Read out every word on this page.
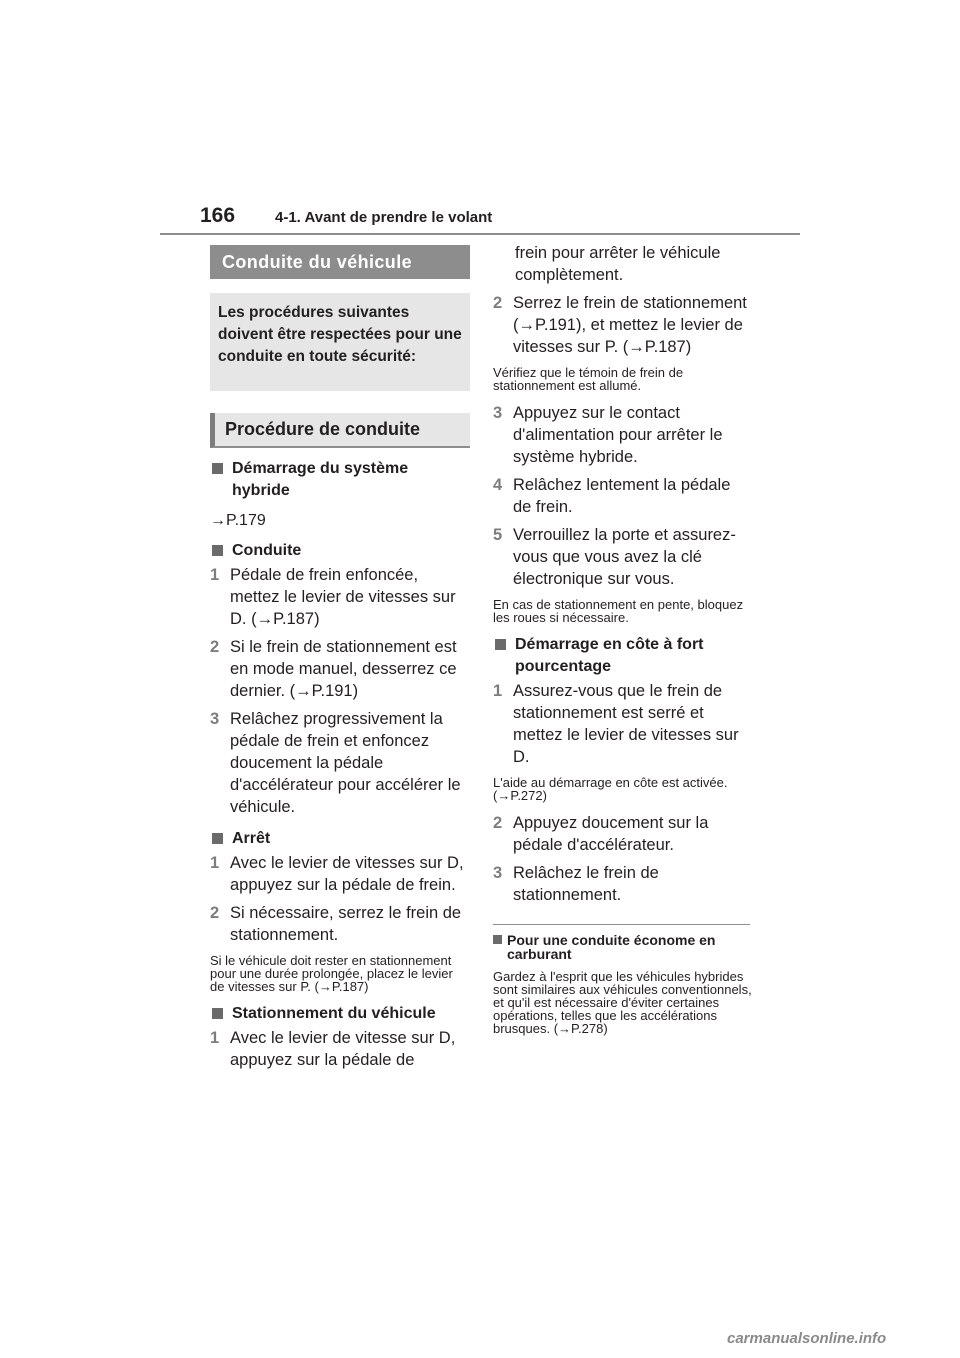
166	4-1. Avant de prendre le volant
Conduite du véhicule
Les procédures suivantes doivent être respectées pour une conduite en toute sécurité:
Procédure de conduite
Démarrage du système hybride
→P.179
Conduite
1 Pédale de frein enfoncée, mettez le levier de vitesses sur D. (→P.187)
2 Si le frein de stationnement est en mode manuel, desserrez ce dernier. (→P.191)
3 Relâchez progressivement la pédale de frein et enfoncez doucement la pédale d'accélérateur pour accélérer le véhicule.
Arrêt
1 Avec le levier de vitesses sur D, appuyez sur la pédale de frein.
2 Si nécessaire, serrez le frein de stationnement.
Si le véhicule doit rester en stationnement pour une durée prolongée, placez le levier de vitesses sur P. (→P.187)
Stationnement du véhicule
1 Avec le levier de vitesse sur D, appuyez sur la pédale de
frein pour arrêter le véhicule complètement.
2 Serrez le frein de stationnement (→P.191), et mettez le levier de vitesses sur P. (→P.187)
Vérifiez que le témoin de frein de stationnement est allumé.
3 Appuyez sur le contact d'alimentation pour arrêter le système hybride.
4 Relâchez lentement la pédale de frein.
5 Verrouillez la porte et assurez-vous que vous avez la clé électronique sur vous.
En cas de stationnement en pente, bloquez les roues si nécessaire.
Démarrage en côte à fort pourcentage
1 Assurez-vous que le frein de stationnement est serré et mettez le levier de vitesses sur D.
L'aide au démarrage en côte est activée. (→P.272)
2 Appuyez doucement sur la pédale d'accélérateur.
3 Relâchez le frein de stationnement.
Pour une conduite économe en carburant
Gardez à l'esprit que les véhicules hybrides sont similaires aux véhicules conventionnels, et qu'il est nécessaire d'éviter certaines opérations, telles que les accélérations brusques. (→P.278)
carmanualsonline.info
